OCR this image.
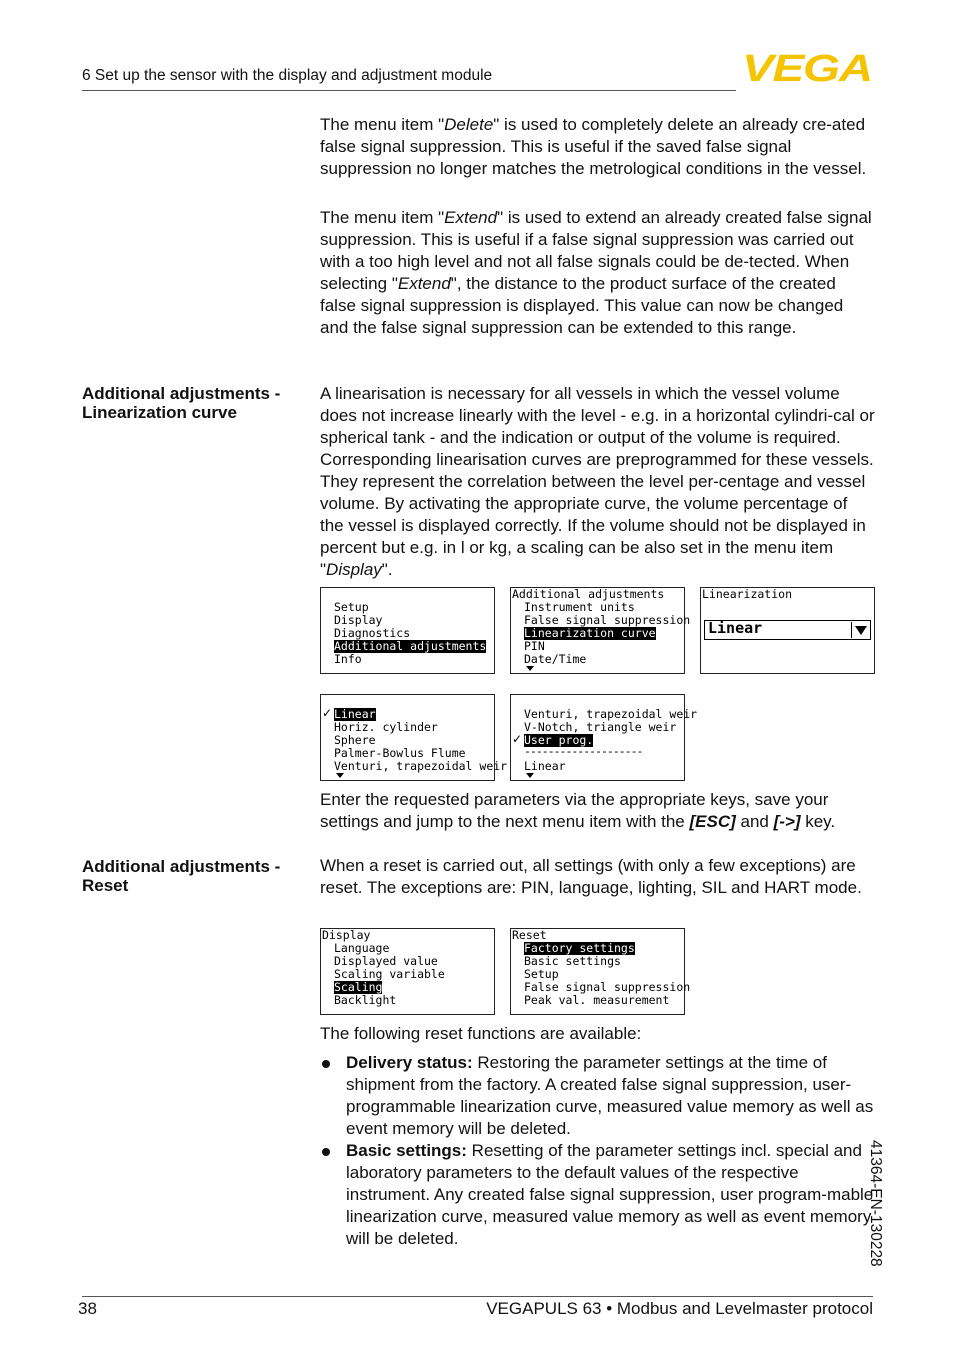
6 Set up the sensor with the display and adjustment module	VEGA

The menu item "Delete" is used to completely delete an already cre-ated false signal suppression. This is useful if the saved false signal suppression no longer matches the metrological conditions in the vessel.

The menu item "Extend" is used to extend an already created false signal suppression. This is useful if a false signal suppression was carried out with a too high level and not all false signals could be de-tected. When selecting "Extend", the distance to the product surface of the created false signal suppression is displayed. This value can now be changed and the false signal suppression can be extended to this range.

Additional adjustments - Linearization curve

A linearisation is necessary for all vessels in which the vessel volume does not increase linearly with the level - e.g. in a horizontal cylindri-cal or spherical tank - and the indication or output of the volume is required. Corresponding linearisation curves are preprogrammed for these vessels. They represent the correlation between the level per-centage and vessel volume. By activating the appropriate curve, the volume percentage of the vessel is displayed correctly. If the volume should not be displayed in percent but e.g. in l or kg, a scaling can be also set in the menu item "Display".

Setup
Display
Diagnostics
Additional adjustments
Info
Additional adjustments
Instrument units
False signal suppression
Linearization curve
PIN
Date/Time
Linearization
Linear
✓ Linear
Horiz. cylinder
Sphere
Palmer-Bowlus Flume
Venturi, trapezoidal weir
Venturi, trapezoidal weir
V-Notch, triangle weir
✓ User prog.
--------------------
Linear

Enter the requested parameters via the appropriate keys, save your settings and jump to the next menu item with the [ESC] and [->] key.

Additional adjustments - Reset
When a reset is carried out, all settings (with only a few exceptions) are reset. The exceptions are: PIN, language, lighting, SIL and HART mode.
Display
Language
Displayed value
Scaling variable
Scaling
Backlight
Reset
Factory settings
Basic settings
Setup
False signal suppression
Peak val. measurement
The following reset functions are available:
Delivery status: Restoring the parameter settings at the time of shipment from the factory. A created false signal suppression, user-programmable linearization curve, measured value memory as well as event memory will be deleted.
Basic settings: Resetting of the parameter settings incl. special and laboratory parameters to the default values of the respective instrument. Any created false signal suppression, user program-mable linearization curve, measured value memory as well as event memory will be deleted.	41364-EN-130228
38	VEGAPULS 63 • Modbus and Levelmaster protocol
